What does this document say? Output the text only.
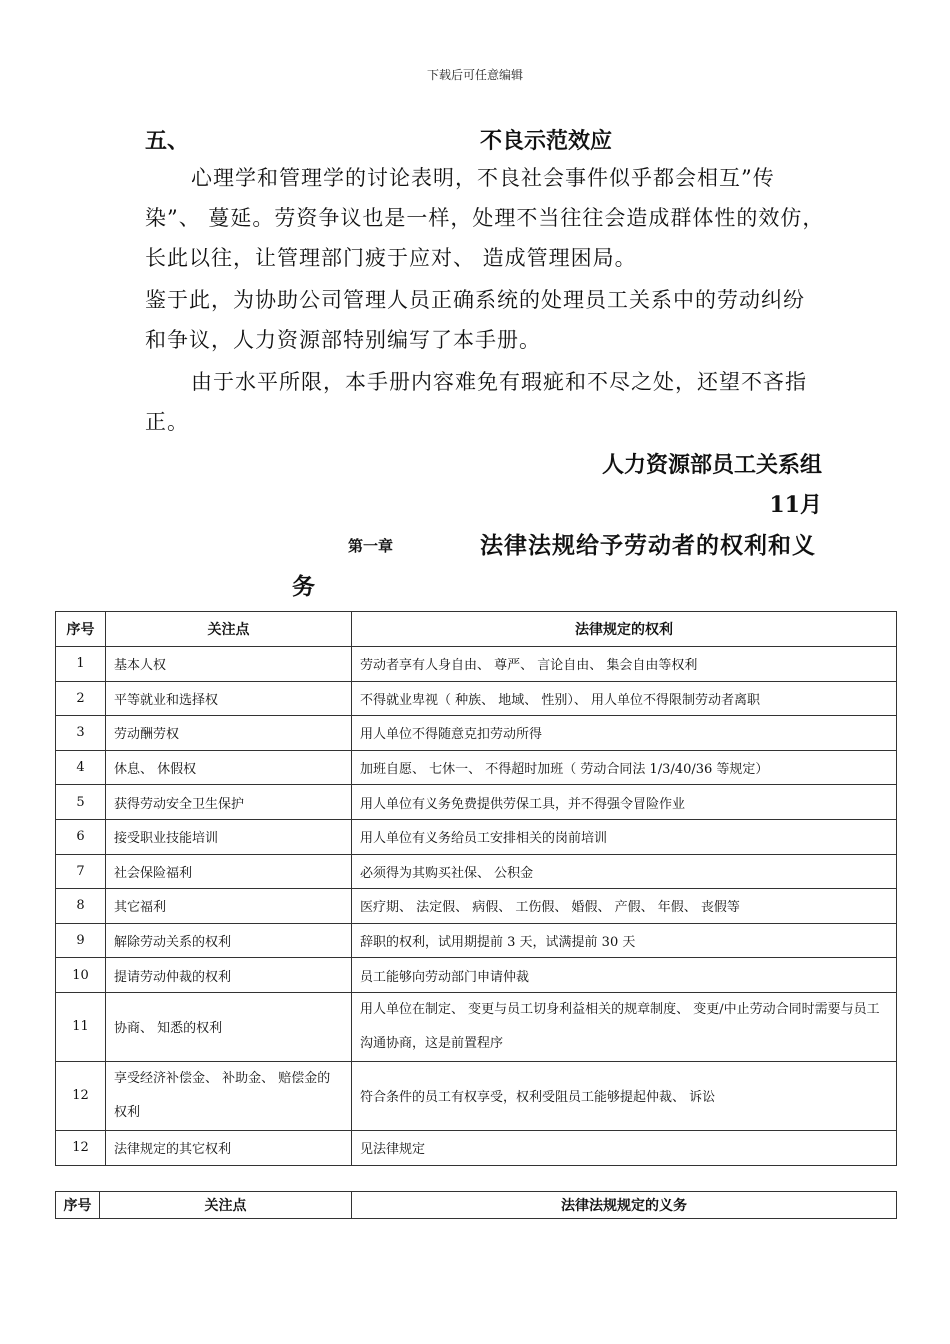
下载后可任意编辑
五、	不良示范效应
心理学和管理学的讨论表明，不良社会事件似乎都会相互”传染”、 蔓延。劳资争议也是一样，处理不当往往会造成群体性的效仿，长此以往，让管理部门疲于应对、 造成管理困局。
鉴于此，为协助公司管理人员正确系统的处理员工关系中的劳动纠纷和争议，人力资源部特别编写了本手册。
由于水平所限，本手册内容难免有瑕疵和不尽之处，还望不吝指正。
人力资源部员工关系组
11月
第一章	法律法规给予劳动者的权利和义
务
序号	关注点	法律规定的权利
1	基本人权	劳动者享有人身自由、 尊严、 言论自由、 集会自由等权利
2	平等就业和选择权	不得就业卑视（ 种族、 地域、 性别）、 用人单位不得限制劳动者离职
3	劳动酬劳权	用人单位不得随意克扣劳动所得
4	休息、 休假权	加班自愿、 七休一、 不得超时加班（ 劳动合同法 1/3/40/36 等规定）
5	获得劳动安全卫生保护	用人单位有义务免费提供劳保工具，并不得强令冒险作业
6	接受职业技能培训	用人单位有义务给员工安排相关的岗前培训
7	社会保险福利	必须得为其购买社保、 公积金
8	其它福利	医疗期、 法定假、 病假、 工伤假、 婚假、 产假、 年假、 丧假等
9	解除劳动关系的权利	辞职的权利，试用期提前 3 天，试满提前 30 天
10	提请劳动仲裁的权利	员工能够向劳动部门申请仲裁
11	协商、 知悉的权利	用人单位在制定、 变更与员工切身利益相关的规章制度、 变更/中止劳动合同时需要与员工沟通协商，这是前置程序
12	享受经济补偿金、 补助金、 赔偿金的权利	符合条件的员工有权享受，权利受阻员工能够提起仲裁、 诉讼
12	法律规定的其它权利	见法律规定
序号	关注点	法律法规规定的义务
